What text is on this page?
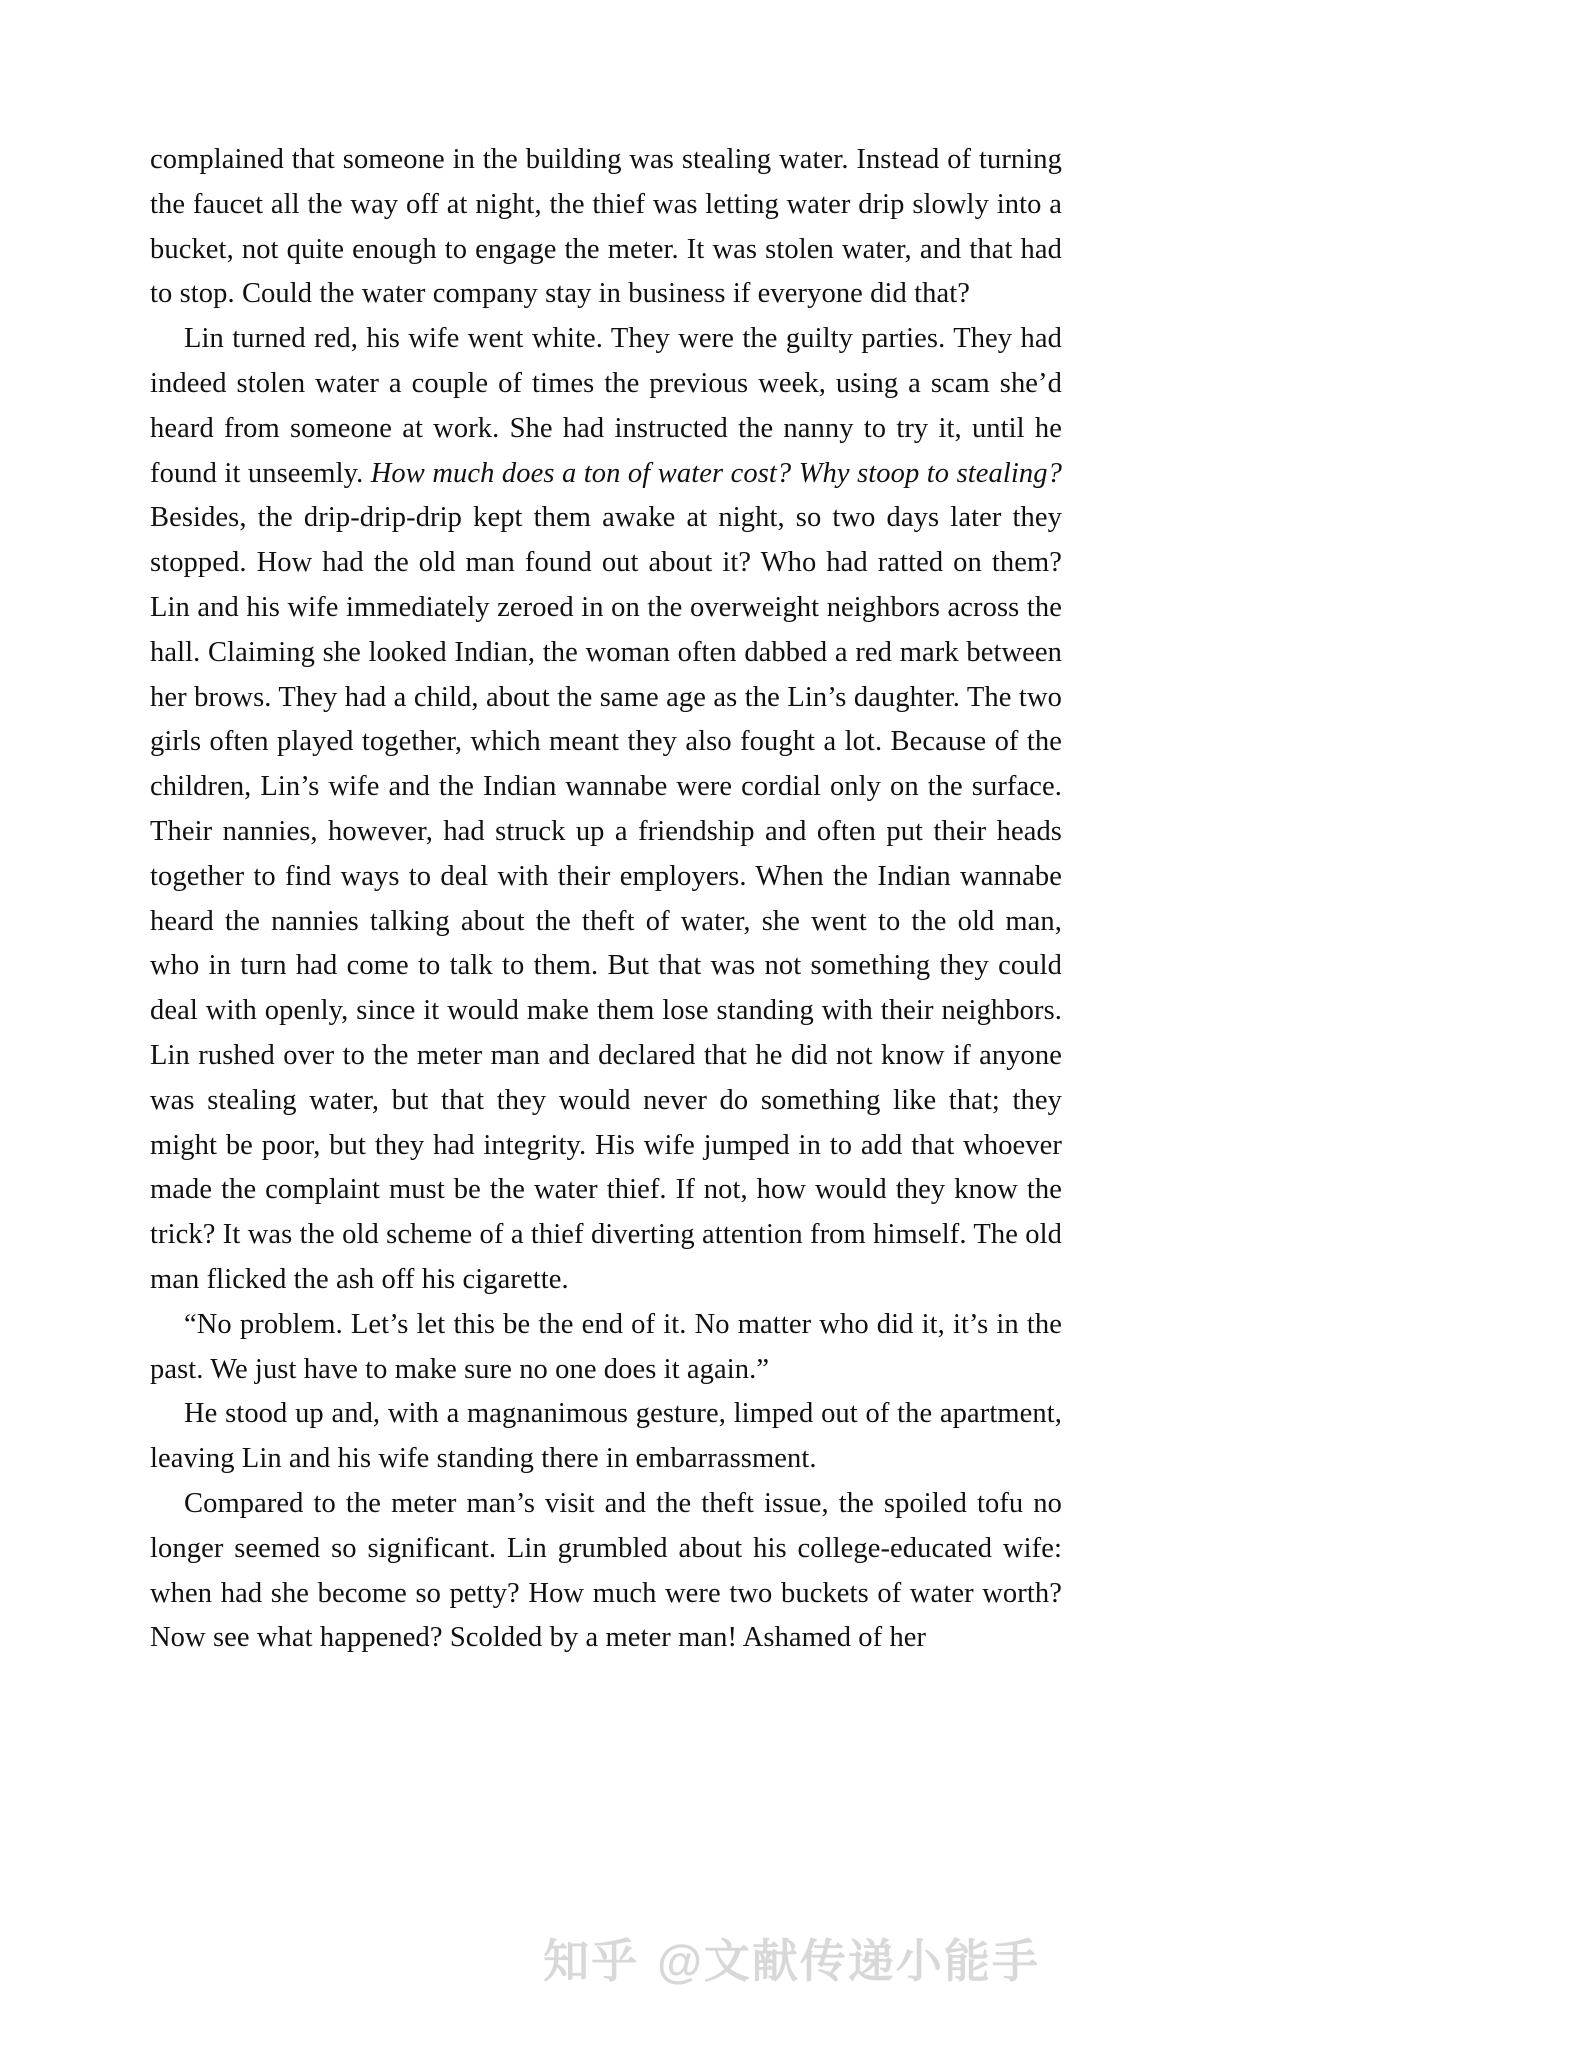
complained that someone in the building was stealing water. Instead of turning the faucet all the way off at night, the thief was letting water drip slowly into a bucket, not quite enough to engage the meter. It was stolen water, and that had to stop. Could the water company stay in business if everyone did that?

Lin turned red, his wife went white. They were the guilty parties. They had indeed stolen water a couple of times the previous week, using a scam she’d heard from someone at work. She had instructed the nanny to try it, until he found it unseemly. How much does a ton of water cost? Why stoop to stealing? Besides, the drip-drip-drip kept them awake at night, so two days later they stopped. How had the old man found out about it? Who had ratted on them? Lin and his wife immediately zeroed in on the overweight neighbors across the hall. Claiming she looked Indian, the woman often dabbed a red mark between her brows. They had a child, about the same age as the Lin’s daughter. The two girls often played together, which meant they also fought a lot. Because of the children, Lin’s wife and the Indian wannabe were cordial only on the surface. Their nannies, however, had struck up a friendship and often put their heads together to find ways to deal with their employers. When the Indian wannabe heard the nannies talking about the theft of water, she went to the old man, who in turn had come to talk to them. But that was not something they could deal with openly, since it would make them lose standing with their neighbors. Lin rushed over to the meter man and declared that he did not know if anyone was stealing water, but that they would never do something like that; they might be poor, but they had integrity. His wife jumped in to add that whoever made the complaint must be the water thief. If not, how would they know the trick? It was the old scheme of a thief diverting attention from himself. The old man flicked the ash off his cigarette.

“No problem. Let’s let this be the end of it. No matter who did it, it’s in the past. We just have to make sure no one does it again.”

He stood up and, with a magnanimous gesture, limped out of the apartment, leaving Lin and his wife standing there in embarrassment.

Compared to the meter man’s visit and the theft issue, the spoiled tofu no longer seemed so significant. Lin grumbled about his college-educated wife: when had she become so petty? How much were two buckets of water worth? Now see what happened? Scolded by a meter man! Ashamed of her

知乎 @文献传递小能手
